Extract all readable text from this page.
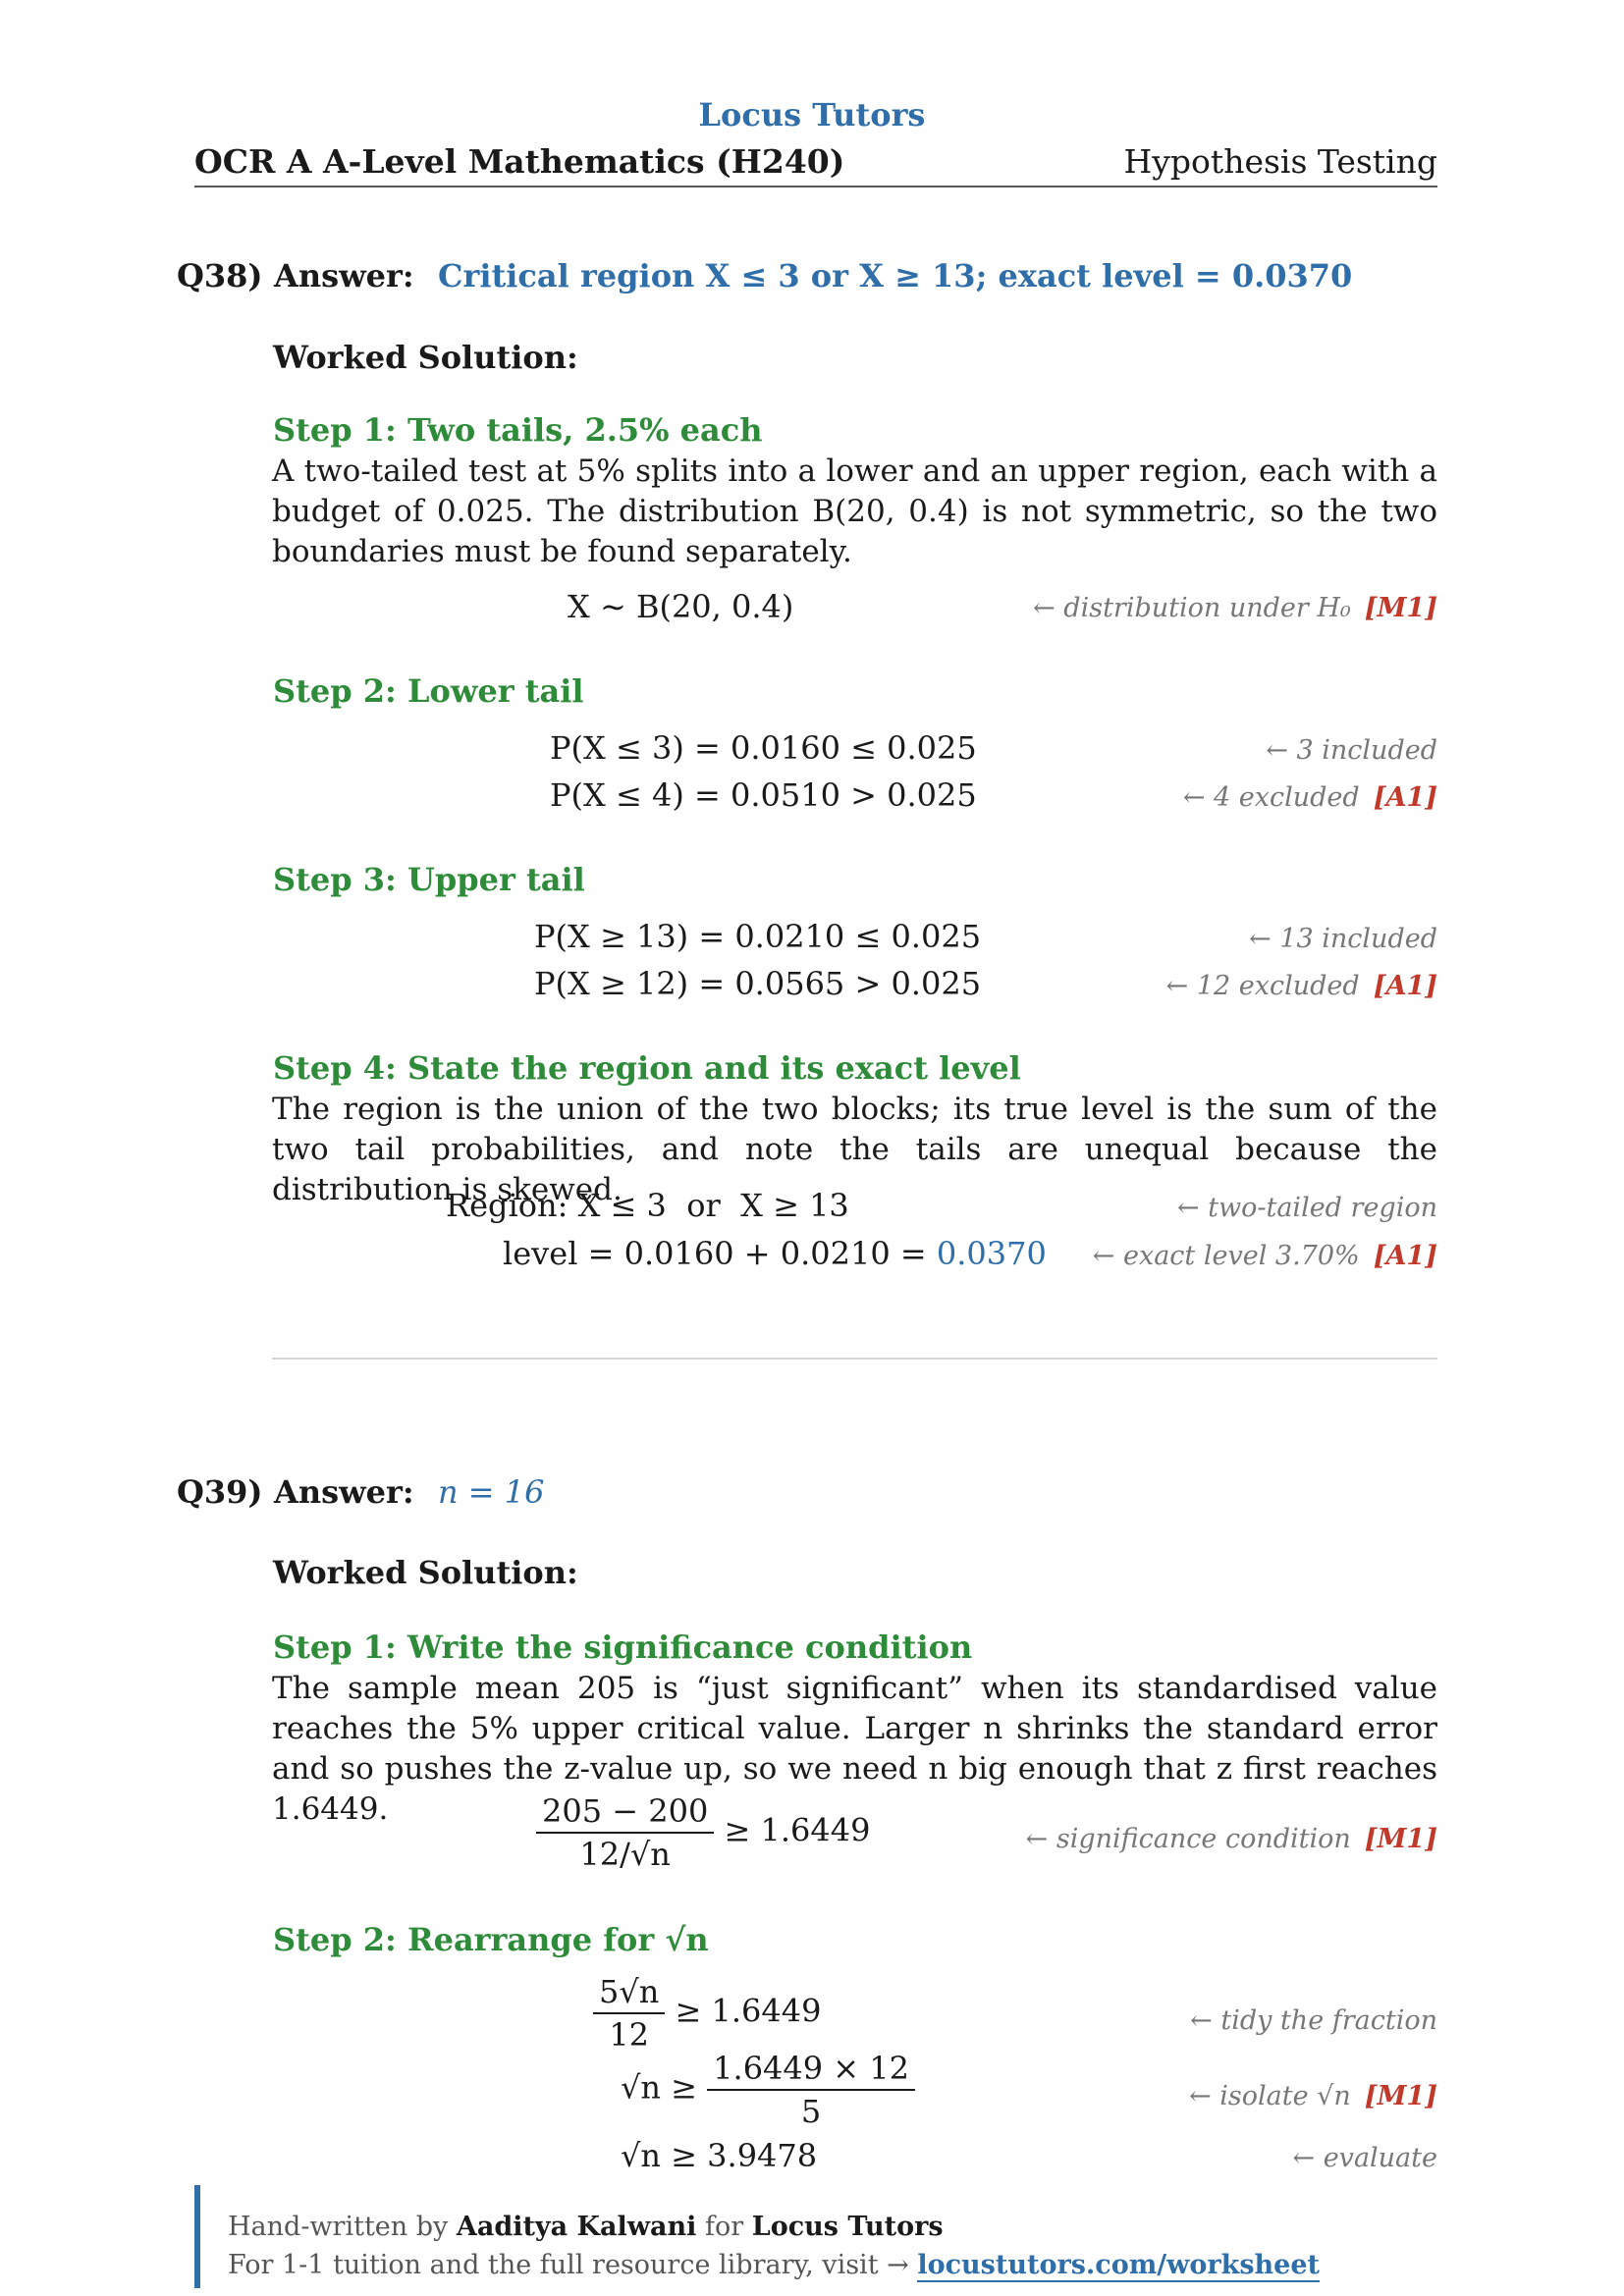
Locus Tutors
OCR A A-Level Mathematics (H240)	Hypothesis Testing
Q38) Answer: Critical region X ≤ 3 or X ≥ 13; exact level = 0.0370
Worked Solution:
Step 1: Two tails, 2.5% each
A two-tailed test at 5% splits into a lower and an upper region, each with a budget of 0.025. The distribution B(20, 0.4) is not symmetric, so the two boundaries must be found separately.
X ∼ B(20, 0.4)	← distribution under H₀ [M1]
Step 2: Lower tail
P(X ≤ 3) = 0.0160 ≤ 0.025	← 3 included
P(X ≤ 4) = 0.0510 > 0.025	← 4 excluded [A1]
Step 3: Upper tail
P(X ≥ 13) = 0.0210 ≤ 0.025	← 13 included
P(X ≥ 12) = 0.0565 > 0.025	← 12 excluded [A1]
Step 4: State the region and its exact level
The region is the union of the two blocks; its true level is the sum of the two tail probabilities, and note the tails are unequal because the distribution is skewed.
Region: X ≤ 3  or  X ≥ 13	← two-tailed region
level = 0.0160 + 0.0210 = 0.0370 ← exact level 3.70% [A1]
Q39) Answer: n = 16
Worked Solution:
Step 1: Write the significance condition
The sample mean 205 is “just significant” when its standardised value reaches the 5% upper critical value. Larger n shrinks the standard error and so pushes the z-value up, so we need n big enough that z first reaches 1.6449.	$\frac{205 - 200}{12/√n} \ge 1.6449$	← significance condition [M1]
Step 2: Rearrange for √n
$\frac{5√n}{12} \ge 1.6449$	← tidy the fraction
$√n \ge \frac{1.6449 \times 12}{5}$	← isolate √n [M1]
√n ≥ 3.9478	← evaluate
Hand-written by Aaditya Kalwani for Locus Tutors
For 1-1 tuition and the full resource library, visit → locustutors.com/worksheet
